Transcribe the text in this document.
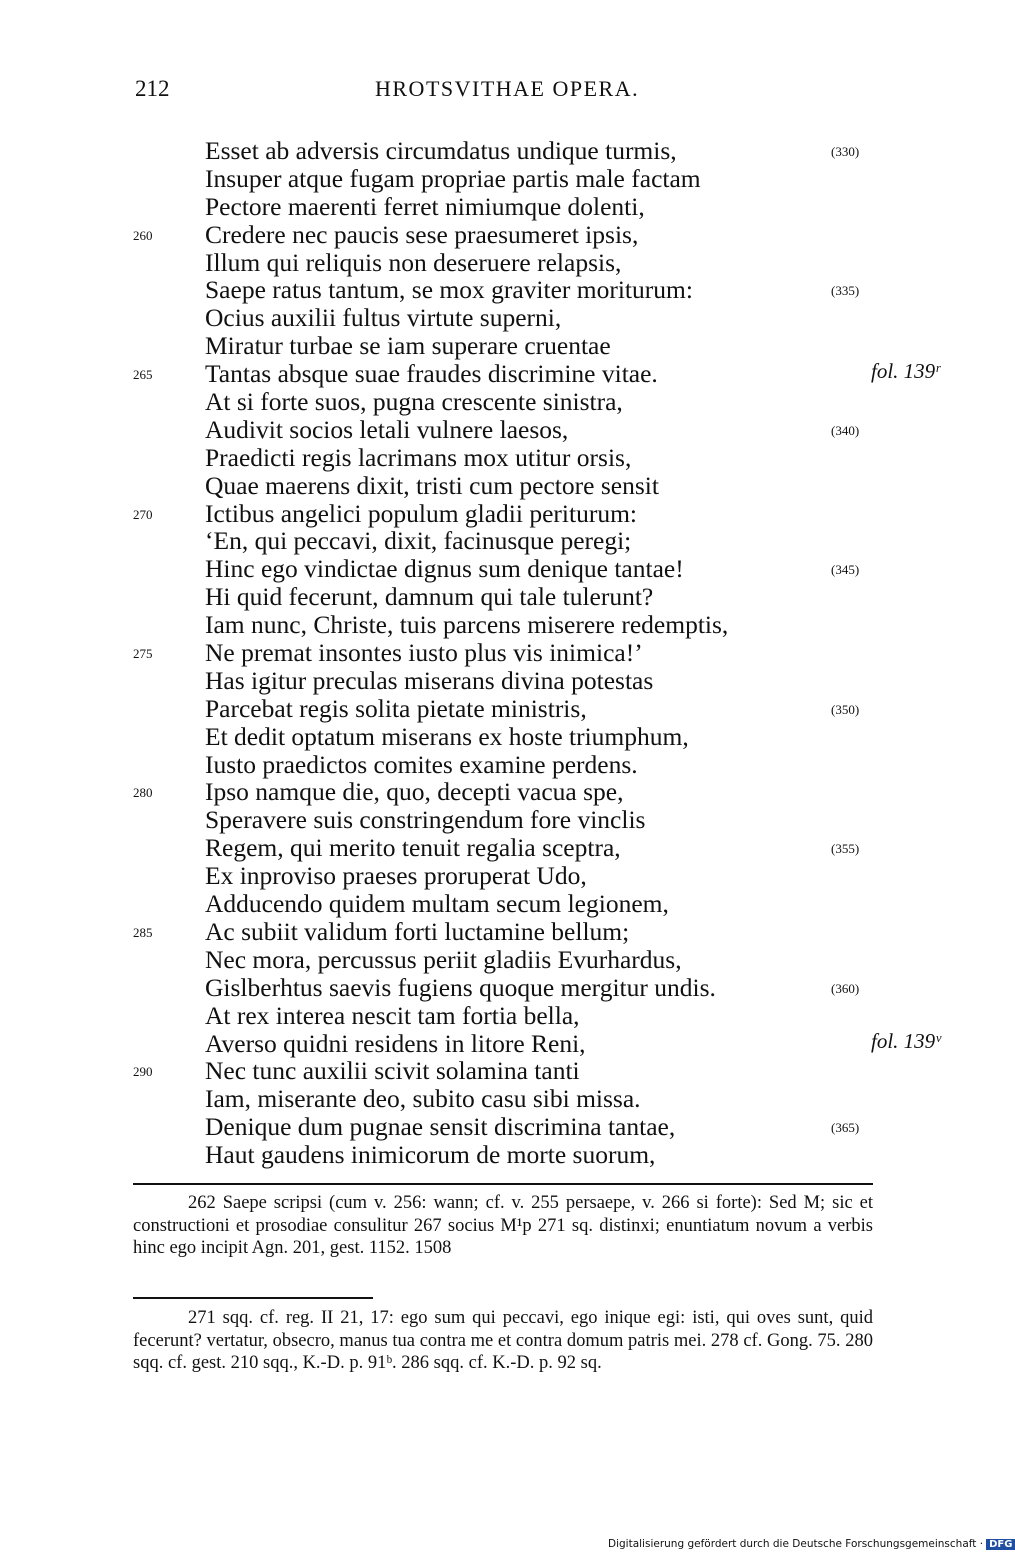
212	HROTSVITHAE OPERA.
Esset ab adversis circumdatus undique turmis,	(330)
Insuper atque fugam propriae partis male factam
Pectore maerenti ferret nimiumque dolenti,
260 Credere nec paucis sese praesumeret ipsis,
Illum qui reliquis non deseruere relapsis,
Saepe ratus tantum, se mox graviter moriturum:	(335)
Ocius auxilii fultus virtute superni,
Miratur turbae se iam superare cruentae
265 Tantas absque suae fraudes discrimine vitae.	fol. 139ʳ
At si forte suos, pugna crescente sinistra,
Audivit socios letali vulnere laesos,	(340)
Praedicti regis lacrimans mox utitur orsis,
Quae maerens dixit, tristi cum pectore sensit
270 Ictibus angelici populum gladii periturum:
‘En, qui peccavi, dixit, facinusque peregi;
Hinc ego vindictae dignus sum denique tantae!	(345)
Hi quid fecerunt, damnum qui tale tulerunt?
Iam nunc, Christe, tuis parcens miserere redemptis,
275 Ne premat insontes iusto plus vis inimica!’
Has igitur preculas miserans divina potestas
Parcebat regis solita pietate ministris,	(350)
Et dedit optatum miserans ex hoste triumphum,
Iusto praedictos comites examine perdens.
280 Ipso namque die, quo, decepti vacua spe,
Speravere suis constringendum fore vinclis
Regem, qui merito tenuit regalia sceptra,	(355)
Ex inproviso praeses proruperat Udo,
Adducendo quidem multam secum legionem,
285 Ac subiit validum forti luctamine bellum;
Nec mora, percussus periit gladiis Evurhardus,
Gislberhtus saevis fugiens quoque mergitur undis.	(360)
At rex interea nescit tam fortia bella,
Averso quidni residens in litore Reni,	fol. 139ᵛ
290 Nec tunc auxilii scivit solamina tanti
Iam, miserante deo, subito casu sibi missa.
Denique dum pugnae sensit discrimina tantae,	(365)
Haut gaudens inimicorum de morte suorum,
262 Saepe scripsi (cum v. 256: wann; cf. v. 255 persaepe, v. 266 si forte): Sed M; sic et constructioni et prosodiae consulitur 267 socius M¹p 271 sq. distinxi; enuntiatum novum a verbis hinc ego incipit Agn. 201, gest. 1152. 1508
271 sqq. cf. reg. II 21, 17: ego sum qui peccavi, ego inique egi: isti, qui oves sunt, quid fecerunt? vertatur, obsecro, manus tua contra me et contra domum patris mei. 278 cf. Gong. 75. 280 sqq. cf. gest. 210 sqq., K.-D. p. 91ᵇ. 286 sqq. cf. K.-D. p. 92 sq.
Digitalisierung gefördert durch die Deutsche Forschungsgemeinschaft · DFG
